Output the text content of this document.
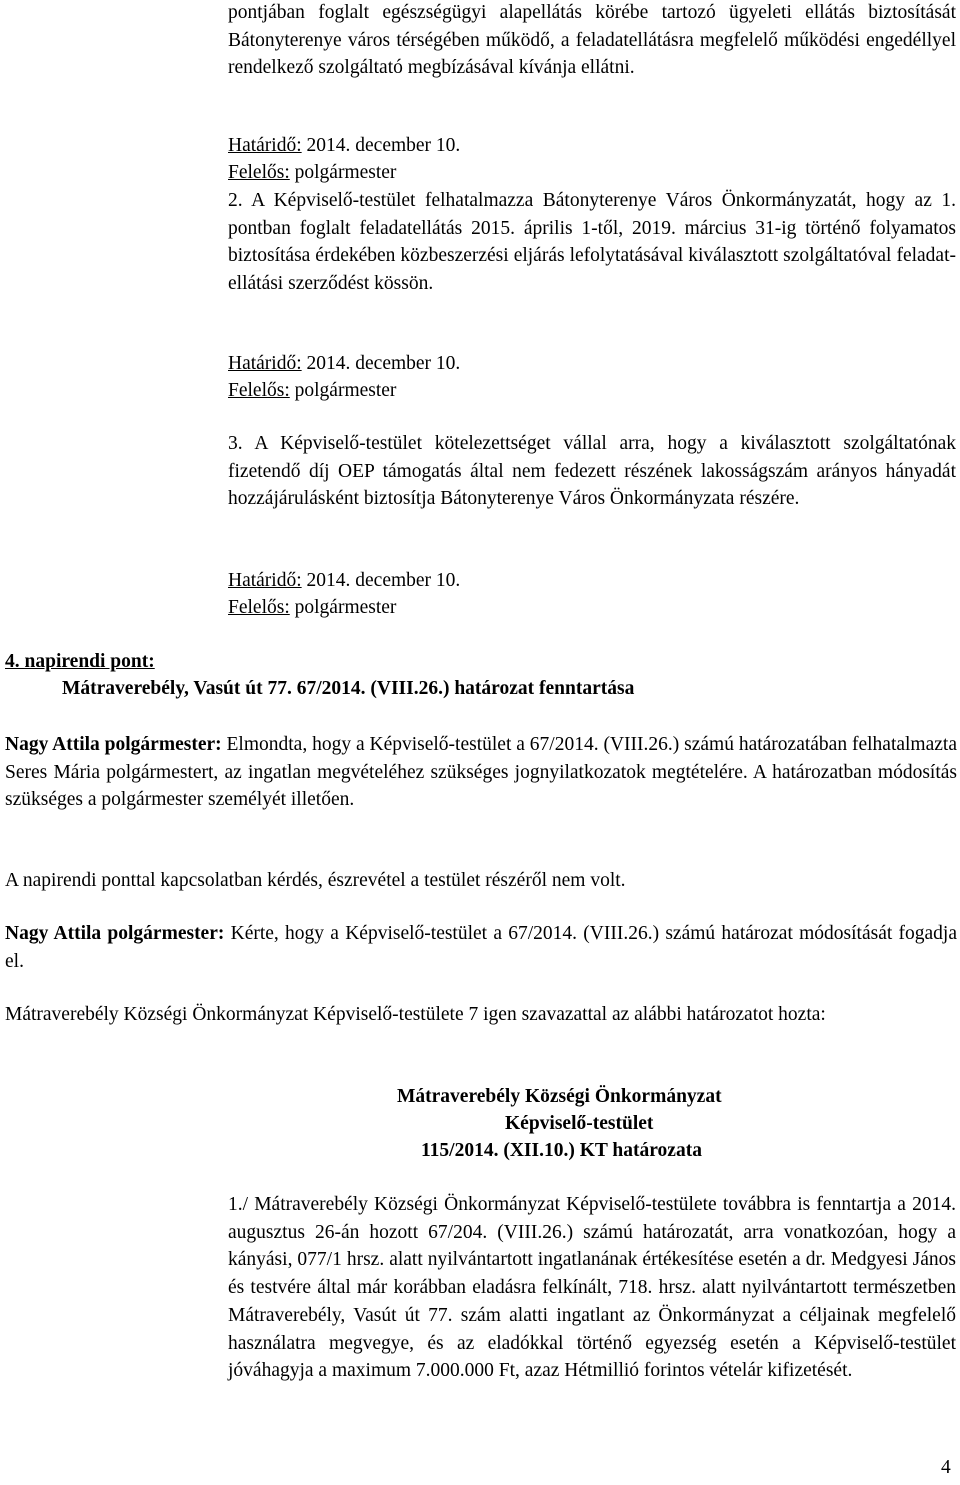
pontjában foglalt egészségügyi alapellátás körébe tartozó ügyeleti ellátás biztosítását Bátonyterenye város térségében működő, a feladatellátásra megfelelő működési engedéllyel rendelkező szolgáltató megbízásával kívánja ellátni.

Határidő: 2014. december 10.

Felelős: polgármester

2. A Képviselő-testület felhatalmazza Bátonyterenye Város Önkormányzatát, hogy az 1. pontban foglalt feladatellátás 2015. április 1-től, 2019. március 31-ig történő folyamatos biztosítása érdekében közbeszerzési eljárás lefolytatásával kiválasztott szolgáltatóval feladat-ellátási szerződést kössön.

Határidő: 2014. december 10.

Felelős: polgármester

3. A Képviselő-testület kötelezettséget vállal arra, hogy a kiválasztott szolgáltatónak fizetendő díj OEP támogatás által nem fedezett részének lakosságszám arányos hányadát hozzájárulásként biztosítja Bátonyterenye Város Önkormányzata részére.

Határidő: 2014. december 10.

Felelős: polgármester

4. napirendi pont:

Mátraverebély, Vasút út 77. 67/2014. (VIII.26.) határozat fenntartása

Nagy Attila polgármester: Elmondta, hogy a Képviselő-testület a 67/2014. (VIII.26.) számú határozatában felhatalmazta Seres Mária polgármestert, az ingatlan megvételéhez szükséges jognyilatkozatok megtételére. A határozatban módosítás szükséges a polgármester személyét illetően.

A napirendi ponttal kapcsolatban kérdés, észrevétel a testület részéről nem volt.

Nagy Attila polgármester: Kérte, hogy a Képviselő-testület a 67/2014. (VIII.26.) számú határozat módosítását fogadja el.

Mátraverebély Községi Önkormányzat Képviselő-testülete 7 igen szavazattal az alábbi határozatot hozta:

Mátraverebély Községi Önkormányzat

Képviselő-testület

115/2014. (XII.10.) KT határozata

1./ Mátraverebély Községi Önkormányzat Képviselő-testülete továbbra is fenntartja a 2014. augusztus 26-án hozott 67/204. (VIII.26.) számú határozatát, arra vonatkozóan, hogy a kányási, 077/1 hrsz. alatt nyilvántartott ingatlanának értékesítése esetén a dr. Medgyesi János és testvére által már korábban eladásra felkínált, 718. hrsz. alatt nyilvántartott természetben Mátraverebély, Vasút út 77. szám alatti ingatlant az Önkormányzat a céljainak megfelelő használatra megvegye, és az eladókkal történő egyezség esetén a Képviselő-testület jóváhagyja a maximum 7.000.000 Ft, azaz Hétmillió forintos vételár kifizetését.

4
